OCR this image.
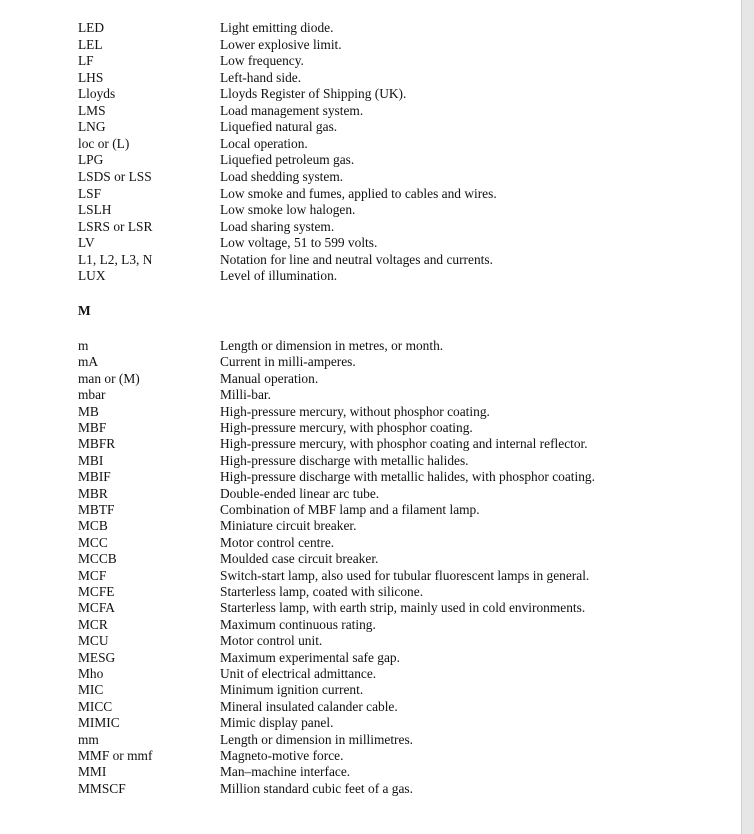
LED	Light emitting diode.
LEL	Lower explosive limit.
LF	Low frequency.
LHS	Left-hand side.
Lloyds	Lloyds Register of Shipping (UK).
LMS	Load management system.
LNG	Liquefied natural gas.
loc or (L)	Local operation.
LPG	Liquefied petroleum gas.
LSDS or LSS	Load shedding system.
LSF	Low smoke and fumes, applied to cables and wires.
LSLH	Low smoke low halogen.
LSRS or LSR	Load sharing system.
LV	Low voltage, 51 to 599 volts.
L1, L2, L3, N	Notation for line and neutral voltages and currents.
LUX	Level of illumination.
M
m	Length or dimension in metres, or month.
mA	Current in milli-amperes.
man or (M)	Manual operation.
mbar	Milli-bar.
MB	High-pressure mercury, without phosphor coating.
MBF	High-pressure mercury, with phosphor coating.
MBFR	High-pressure mercury, with phosphor coating and internal reflector.
MBI	High-pressure discharge with metallic halides.
MBIF	High-pressure discharge with metallic halides, with phosphor coating.
MBR	Double-ended linear arc tube.
MBTF	Combination of MBF lamp and a filament lamp.
MCB	Miniature circuit breaker.
MCC	Motor control centre.
MCCB	Moulded case circuit breaker.
MCF	Switch-start lamp, also used for tubular fluorescent lamps in general.
MCFE	Starterless lamp, coated with silicone.
MCFA	Starterless lamp, with earth strip, mainly used in cold environments.
MCR	Maximum continuous rating.
MCU	Motor control unit.
MESG	Maximum experimental safe gap.
Mho	Unit of electrical admittance.
MIC	Minimum ignition current.
MICC	Mineral insulated calander cable.
MIMIC	Mimic display panel.
mm	Length or dimension in millimetres.
MMF or mmf	Magneto-motive force.
MMI	Man–machine interface.
MMSCF	Million standard cubic feet of a gas.
